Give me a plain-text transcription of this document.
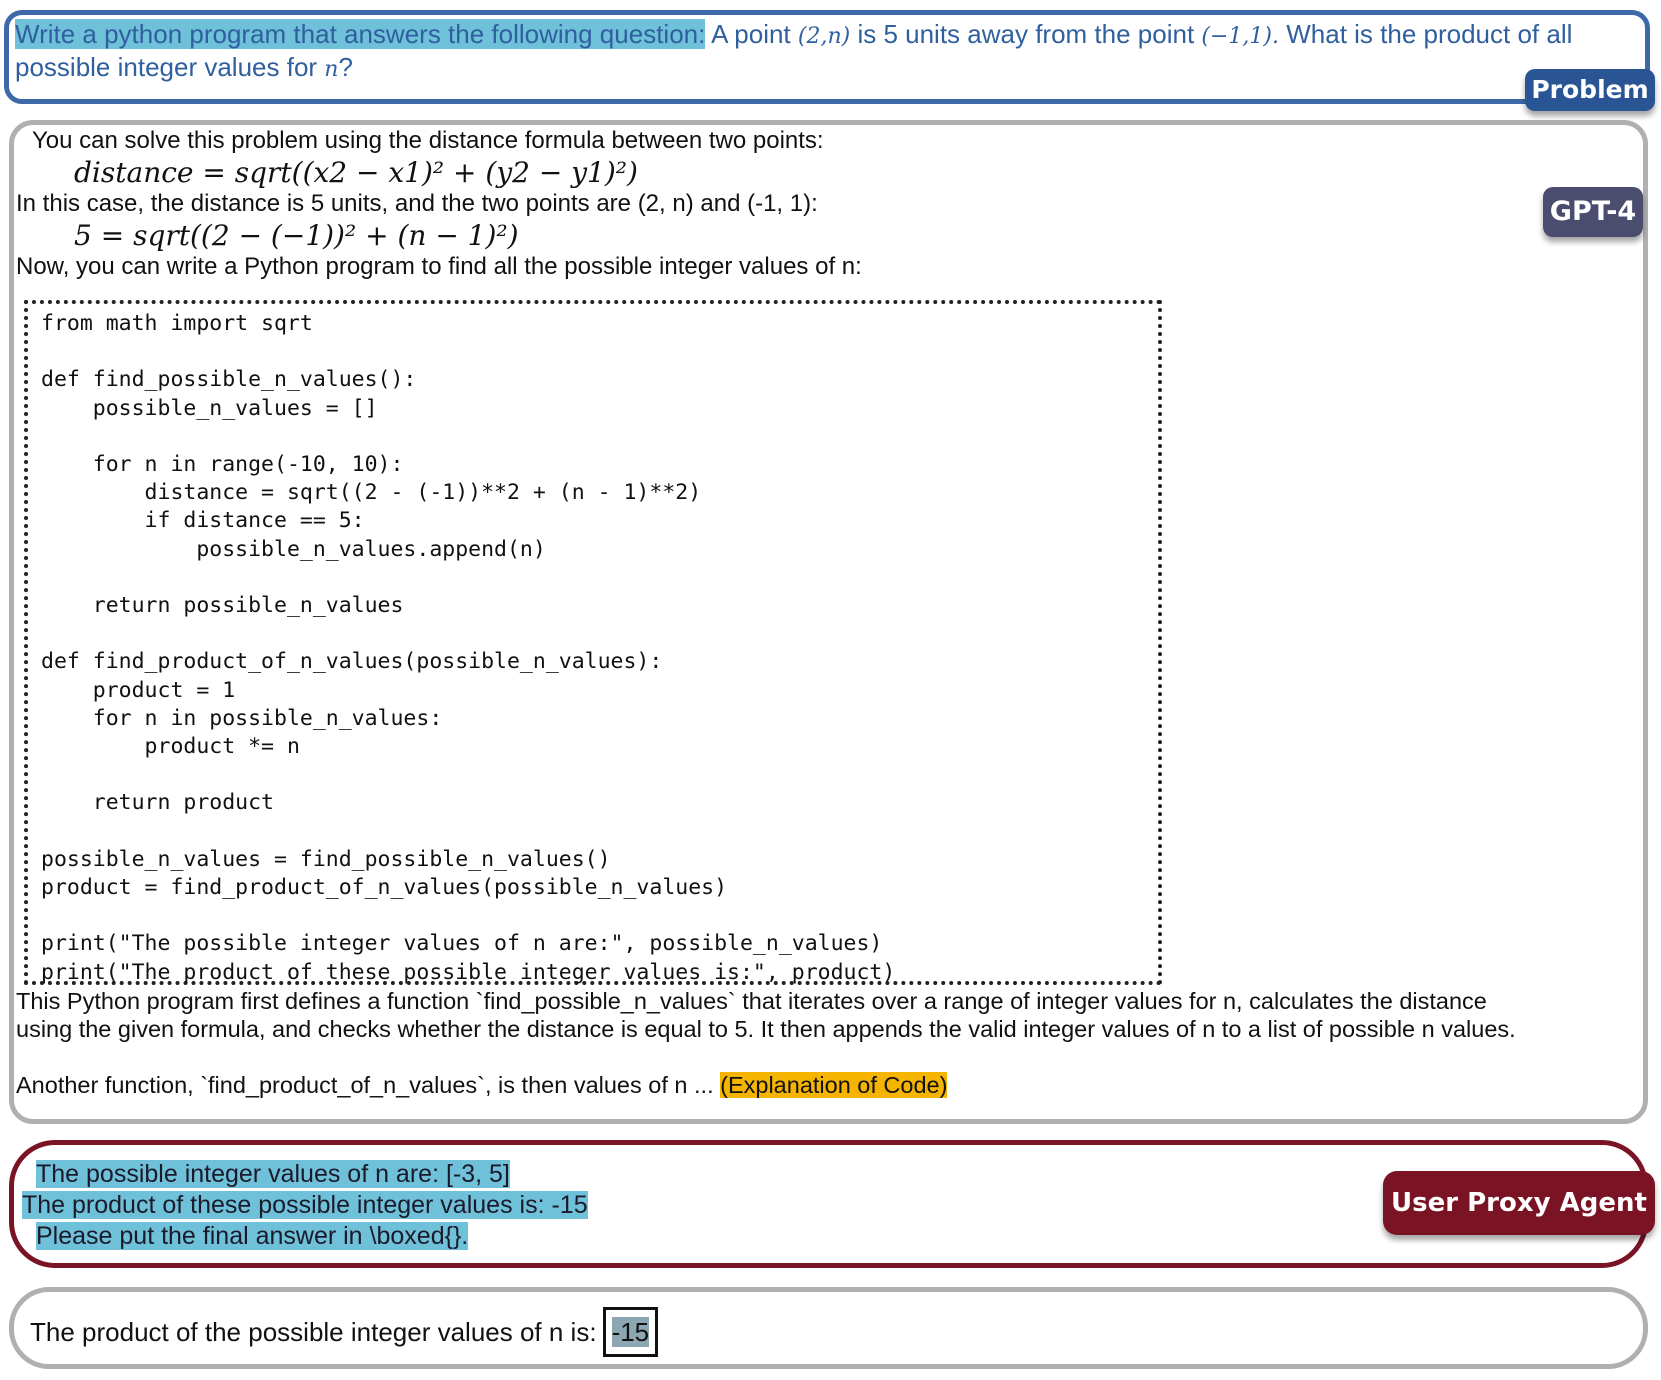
Write a python program that answers the following question: A point (2,n) is 5 units away from the point (−1,1). What is the product of all possible integer values for n?
Problem
GPT-4
You can solve this problem using the distance formula between two points:
distance = sqrt((x2 − x1)² + (y2 − y1)²)
In this case, the distance is 5 units, and the two points are (2, n) and (-1, 1):
5 = sqrt((2 − (−1))² + (n − 1)²)
Now, you can write a Python program to find all the possible integer values of n:
from math import sqrt

def find_possible_n_values():
possible_n_values = []

for n in range(-10, 10):
distance = sqrt((2 - (-1))**2 + (n - 1)**2)
if distance == 5:
possible_n_values.append(n)

return possible_n_values

def find_product_of_n_values(possible_n_values):
product = 1
for n in possible_n_values:
product *= n

return product

possible_n_values = find_possible_n_values()
product = find_product_of_n_values(possible_n_values)

print("The possible integer values of n are:", possible_n_values)
print("The product of these possible integer values is:", product)
This Python program first defines a function `find_possible_n_values` that iterates over a range of integer values for n, calculates the distance
using the given formula, and checks whether the distance is equal to 5. It then appends the valid integer values of n to a list of possible n values.
Another function, `find_product_of_n_values`, is then values of n ... (Explanation of Code)
The possible integer values of n are: [-3, 5]
The product of these possible integer values is: -15
Please put the final answer in \boxed{}.
User Proxy Agent
The product of the possible integer values of n is: -15
